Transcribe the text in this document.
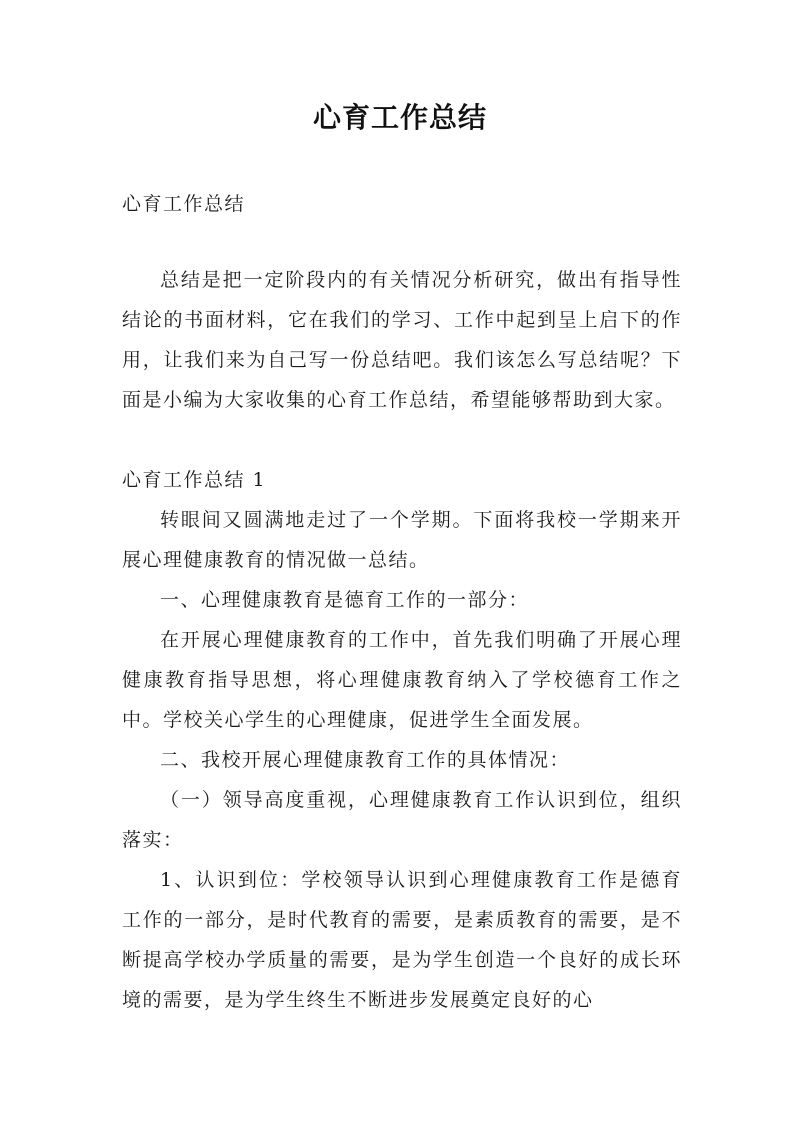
心育工作总结

心育工作总结

总结是把一定阶段内的有关情况分析研究，做出有指导性结论的书面材料，它在我们的学习、工作中起到呈上启下的作用，让我们来为自己写一份总结吧。我们该怎么写总结呢？下面是小编为大家收集的心育工作总结，希望能够帮助到大家。

心育工作总结 1

转眼间又圆满地走过了一个学期。下面将我校一学期来开展心理健康教育的情况做一总结。

一、心理健康教育是德育工作的一部分：

在开展心理健康教育的工作中，首先我们明确了开展心理健康教育指导思想，将心理健康教育纳入了学校德育工作之中。学校关心学生的心理健康，促进学生全面发展。

二、我校开展心理健康教育工作的具体情况：

（一）领导高度重视，心理健康教育工作认识到位，组织落实：

1、认识到位：学校领导认识到心理健康教育工作是德育工作的一部分，是时代教育的需要，是素质教育的需要，是不断提高学校办学质量的需要，是为学生创造一个良好的成长环境的需要，是为学生终生不断进步发展奠定良好的心
